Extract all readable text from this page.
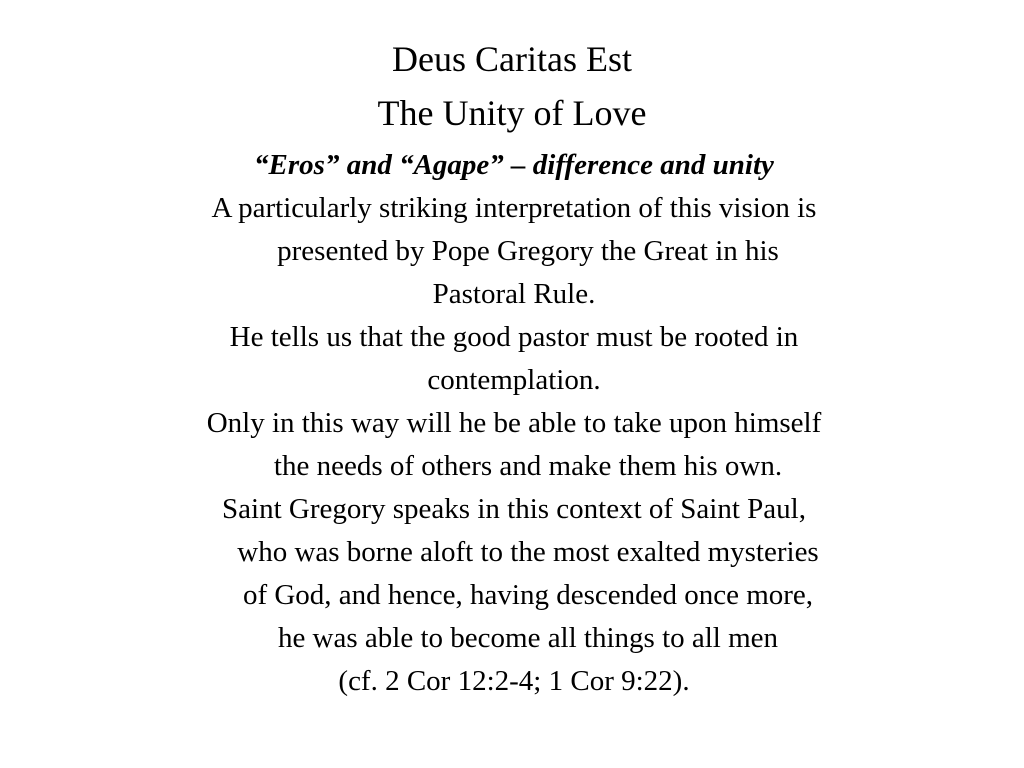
Deus Caritas Est
The Unity of Love
“Eros” and “Agape” – difference and unity
A particularly striking interpretation of this vision is
presented by Pope Gregory the Great in his
Pastoral Rule.
He tells us that the good pastor must be rooted in
contemplation.
Only in this way will he be able to take upon himself
the needs of others and make them his own.
Saint Gregory speaks in this context of Saint Paul,
who was borne aloft to the most exalted mysteries
of God, and hence, having descended once more,
he was able to become all things to all men
(cf. 2 Cor 12:2-4; 1 Cor 9:22).
